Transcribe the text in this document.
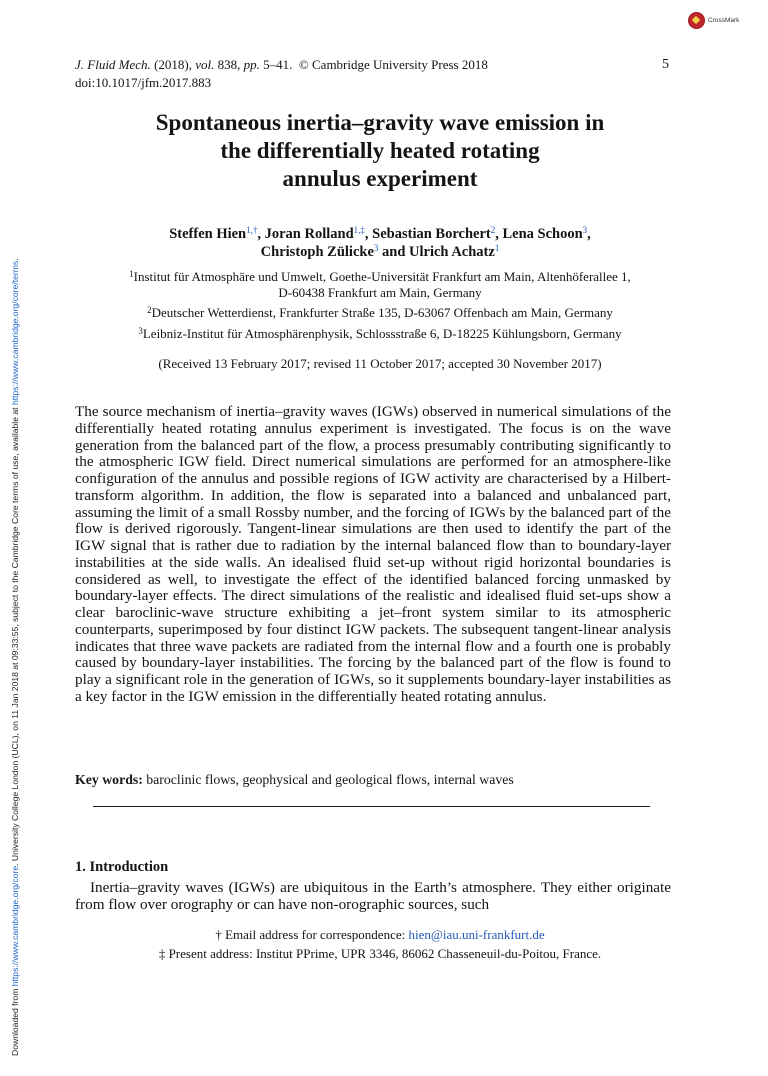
CrossMark
Downloaded from https://www.cambridge.org/core. University College London (UCL), on 11 Jan 2018 at 09:33:55, subject to the Cambridge Core terms of use, available at https://www.cambridge.org/core/terms.
J. Fluid Mech. (2018), vol. 838, pp. 5–41. © Cambridge University Press 2018
doi:10.1017/jfm.2017.883
5
Spontaneous inertia–gravity wave emission in
the differentially heated rotating
annulus experiment
Steffen Hien$^{1,\dagger}$, Joran Rolland$^{1,\ddagger}$, Sebastian Borchert$^2$, Lena Schoon$^3$,
Christoph Zülicke$^3$ and Ulrich Achatz$^1$
$^1$Institut für Atmosphäre und Umwelt, Goethe-Universität Frankfurt am Main, Altenhöferallee 1,
D-60438 Frankfurt am Main, Germany
$^2$Deutscher Wetterdienst, Frankfurter Straße 135, D-63067 Offenbach am Main, Germany
$^3$Leibniz-Institut für Atmosphärenphysik, Schlossstraße 6, D-18225 Kühlungsborn, Germany
(Received 13 February 2017; revised 11 October 2017; accepted 30 November 2017)

The source mechanism of inertia–gravity waves (IGWs) observed in numerical simulations of the differentially heated rotating annulus experiment is investigated. The focus is on the wave generation from the balanced part of the flow, a process presumably contributing significantly to the atmospheric IGW field. Direct numerical simulations are performed for an atmosphere-like configuration of the annulus and possible regions of IGW activity are characterised by a Hilbert-transform algorithm. In addition, the flow is separated into a balanced and unbalanced part, assuming the limit of a small Rossby number, and the forcing of IGWs by the balanced part of the flow is derived rigorously. Tangent-linear simulations are then used to identify the part of the IGW signal that is rather due to radiation by the internal balanced flow than to boundary-layer instabilities at the side walls. An idealised fluid set-up without rigid horizontal boundaries is considered as well, to investigate the effect of the identified balanced forcing unmasked by boundary-layer effects. The direct simulations of the realistic and idealised fluid set-ups show a clear baroclinic-wave structure exhibiting a jet–front system similar to its atmospheric counterparts, superimposed by four distinct IGW packets. The subsequent tangent-linear analysis indicates that three wave packets are radiated from the internal flow and a fourth one is probably caused by boundary-layer instabilities. The forcing by the balanced part of the flow is found to play a significant role in the generation of IGWs, so it supplements boundary-layer instabilities as a key factor in the IGW emission in the differentially heated rotating annulus.

Key words: baroclinic flows, geophysical and geological flows, internal waves
1. Introduction

Inertia–gravity waves (IGWs) are ubiquitous in the Earth’s atmosphere. They either originate from flow over orography or can have non-orographic sources, such

† Email address for correspondence: hien@iau.uni-frankfurt.de
‡ Present address: Institut PPrime, UPR 3346, 86062 Chasseneuil-du-Poitou, France.
